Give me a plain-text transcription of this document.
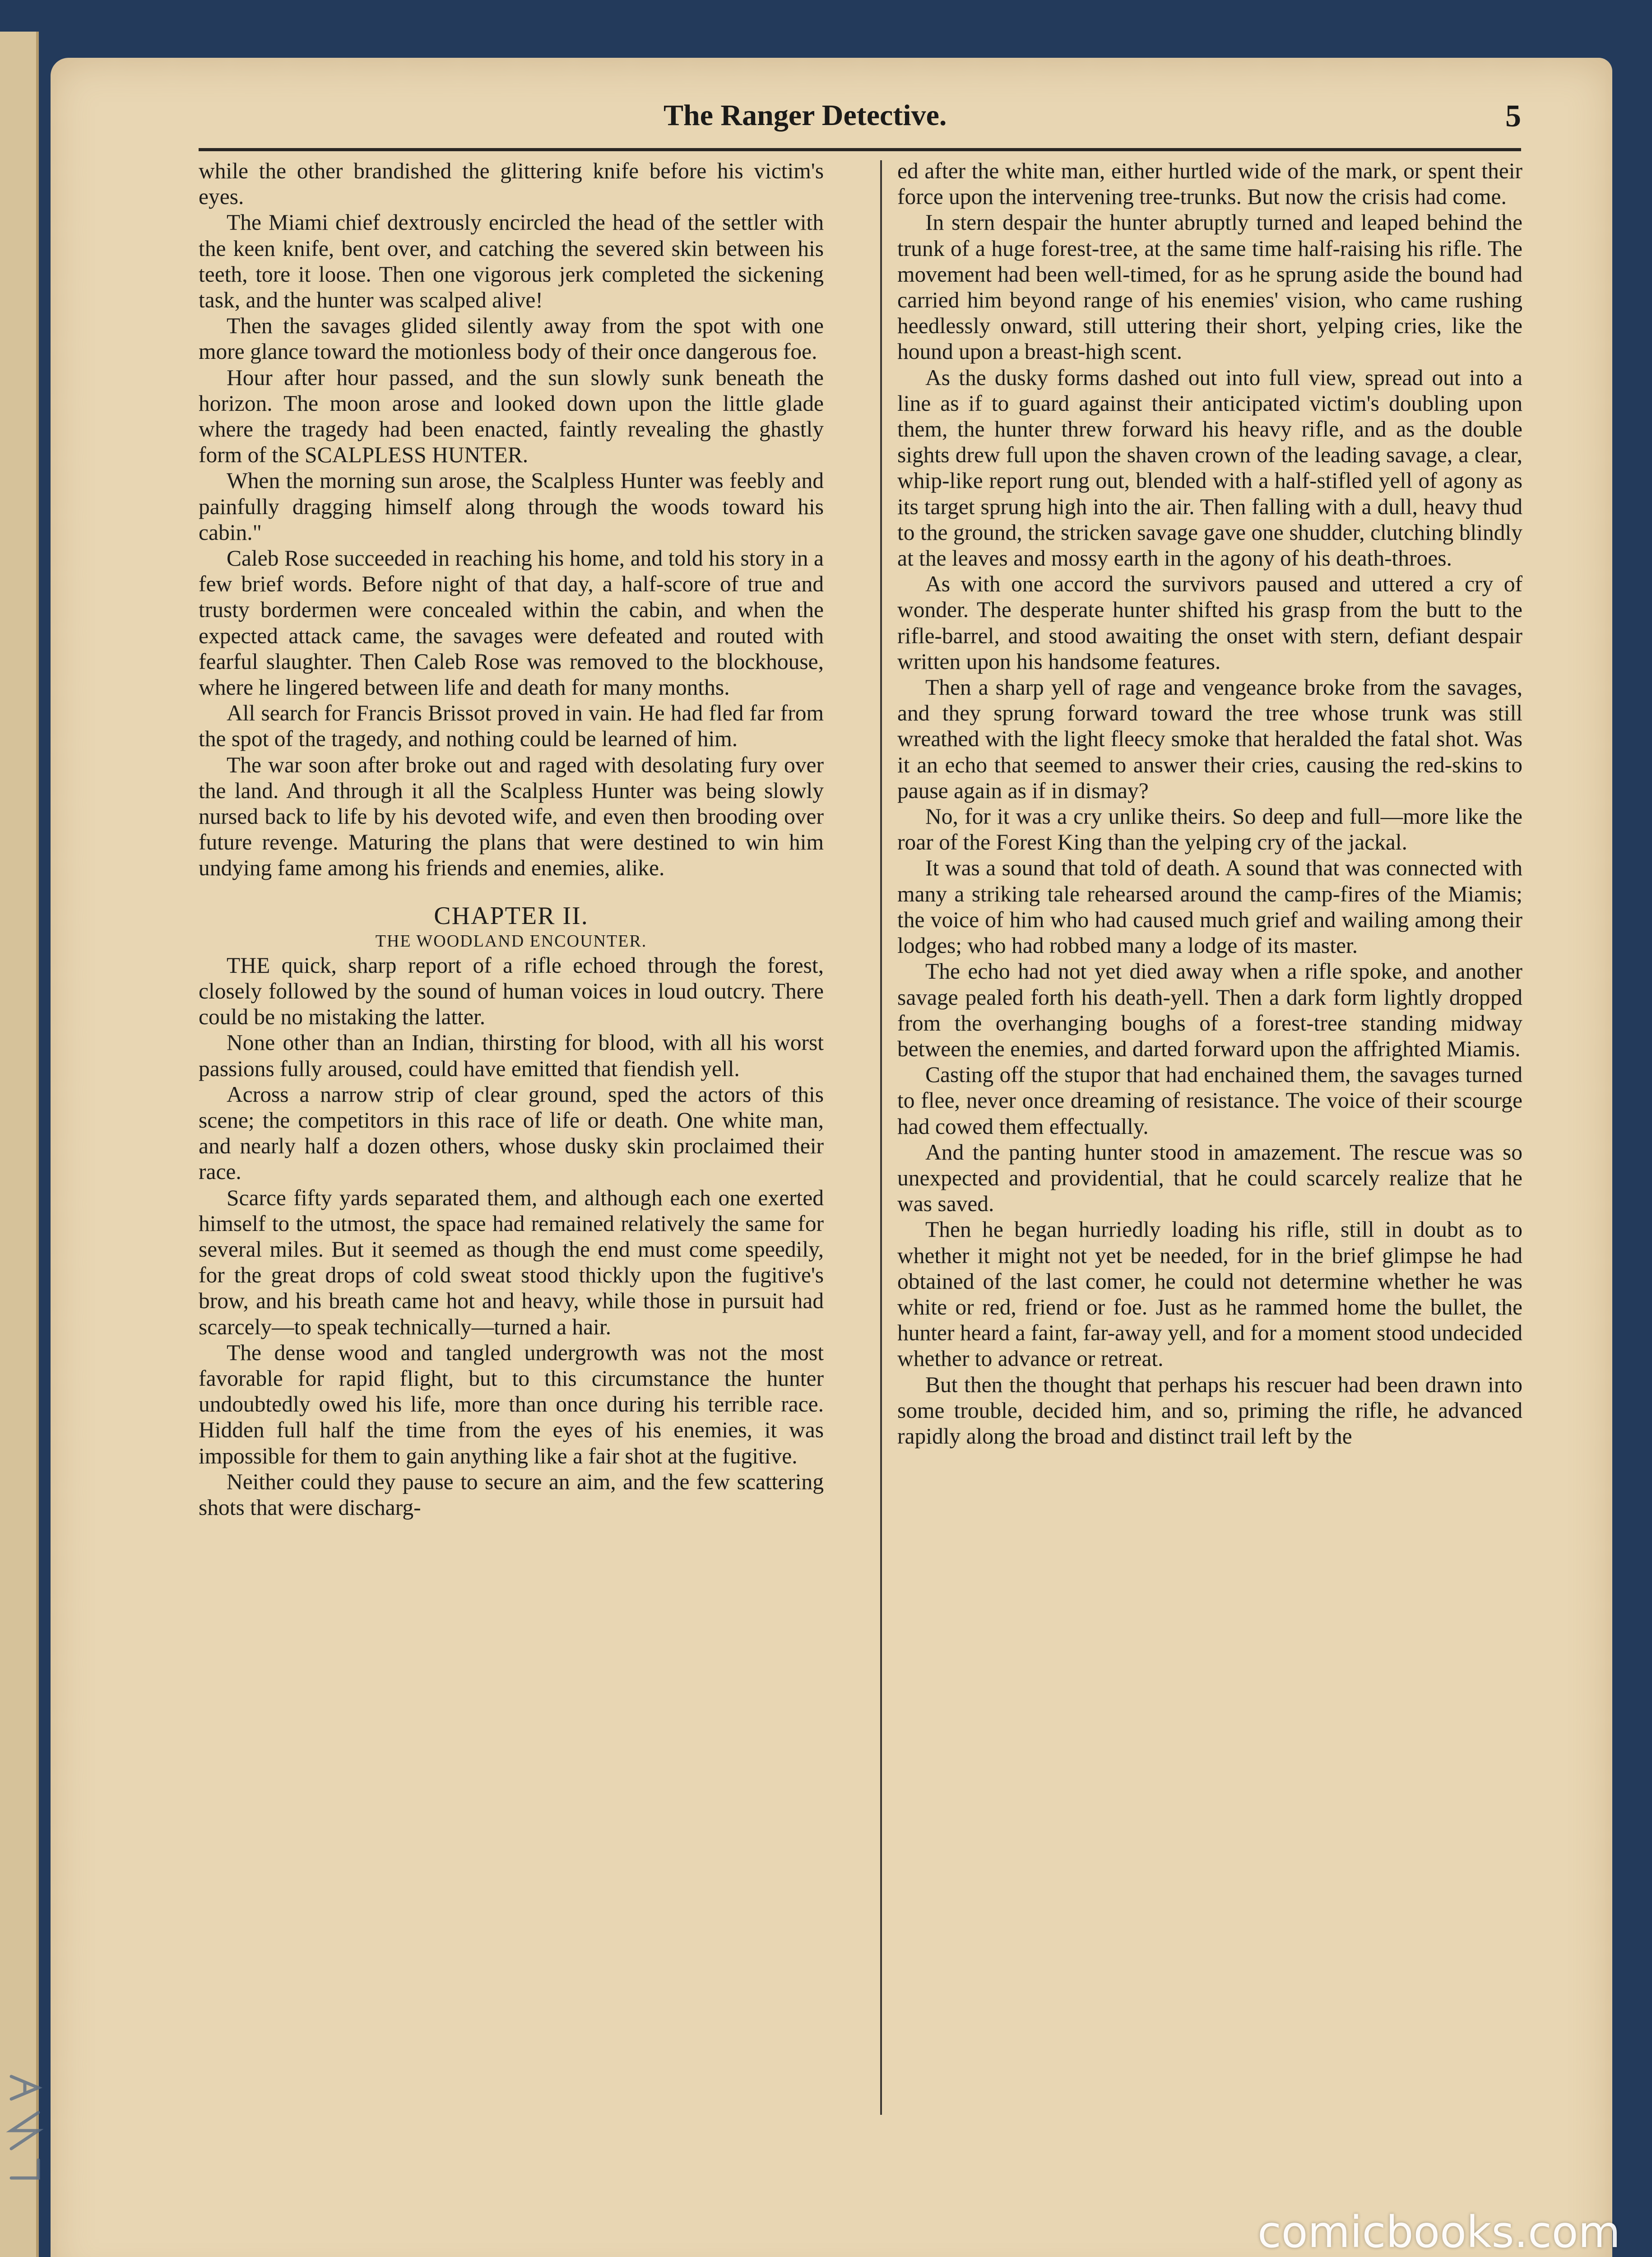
The Ranger Detective.	5

while the other brandished the glittering knife before his victim's eyes.

The Miami chief dextrously encircled the head of the settler with the keen knife, bent over, and catching the severed skin between his teeth, tore it loose. Then one vigorous jerk completed the sickening task, and the hunter was scalped alive!

Then the savages glided silently away from the spot with one more glance toward the motionless body of their once dangerous foe.

Hour after hour passed, and the sun slowly sunk beneath the horizon. The moon arose and looked down upon the little glade where the tragedy had been enacted, faintly revealing the ghastly form of the SCALPLESS HUNTER.

When the morning sun arose, the Scalpless Hunter was feebly and painfully dragging himself along through the woods toward his cabin."

Caleb Rose succeeded in reaching his home, and told his story in a few brief words. Before night of that day, a half-score of true and trusty bordermen were concealed within the cabin, and when the expected attack came, the savages were defeated and routed with fearful slaughter. Then Caleb Rose was removed to the blockhouse, where he lingered between life and death for many months.

All search for Francis Brissot proved in vain. He had fled far from the spot of the tragedy, and nothing could be learned of him.

The war soon after broke out and raged with desolating fury over the land. And through it all the Scalpless Hunter was being slowly nursed back to life by his devoted wife, and even then brooding over future revenge. Maturing the plans that were destined to win him undying fame among his friends and enemies, alike.

CHAPTER II.
THE WOODLAND ENCOUNTER.

THE quick, sharp report of a rifle echoed through the forest, closely followed by the sound of human voices in loud outcry. There could be no mistaking the latter.

None other than an Indian, thirsting for blood, with all his worst passions fully aroused, could have emitted that fiendish yell.

Across a narrow strip of clear ground, sped the actors of this scene; the competitors in this race of life or death. One white man, and nearly half a dozen others, whose dusky skin proclaimed their race.

Scarce fifty yards separated them, and although each one exerted himself to the utmost, the space had remained relatively the same for several miles. But it seemed as though the end must come speedily, for the great drops of cold sweat stood thickly upon the fugitive's brow, and his breath came hot and heavy, while those in pursuit had scarcely—to speak technically—turned a hair.

The dense wood and tangled undergrowth was not the most favorable for rapid flight, but to this circumstance the hunter undoubtedly owed his life, more than once during his terrible race. Hidden full half the time from the eyes of his enemies, it was impossible for them to gain anything like a fair shot at the fugitive.

Neither could they pause to secure an aim, and the few scattering shots that were discharg-

ed after the white man, either hurtled wide of the mark, or spent their force upon the intervening tree-trunks. But now the crisis had come.

In stern despair the hunter abruptly turned and leaped behind the trunk of a huge forest-tree, at the same time half-raising his rifle. The movement had been well-timed, for as he sprung aside the bound had carried him beyond range of his enemies' vision, who came rushing heedlessly onward, still uttering their short, yelping cries, like the hound upon a breast-high scent.

As the dusky forms dashed out into full view, spread out into a line as if to guard against their anticipated victim's doubling upon them, the hunter threw forward his heavy rifle, and as the double sights drew full upon the shaven crown of the leading savage, a clear, whip-like report rung out, blended with a half-stifled yell of agony as its target sprung high into the air. Then falling with a dull, heavy thud to the ground, the stricken savage gave one shudder, clutching blindly at the leaves and mossy earth in the agony of his death-throes.

As with one accord the survivors paused and uttered a cry of wonder. The desperate hunter shifted his grasp from the butt to the rifle-barrel, and stood awaiting the onset with stern, defiant despair written upon his handsome features.

Then a sharp yell of rage and vengeance broke from the savages, and they sprung forward toward the tree whose trunk was still wreathed with the light fleecy smoke that heralded the fatal shot. Was it an echo that seemed to answer their cries, causing the red-skins to pause again as if in dismay?

No, for it was a cry unlike theirs. So deep and full—more like the roar of the Forest King than the yelping cry of the jackal.

It was a sound that told of death. A sound that was connected with many a striking tale rehearsed around the camp-fires of the Miamis; the voice of him who had caused much grief and wailing among their lodges; who had robbed many a lodge of its master.

The echo had not yet died away when a rifle spoke, and another savage pealed forth his death-yell. Then a dark form lightly dropped from the overhanging boughs of a forest-tree standing midway between the enemies, and darted forward upon the affrighted Miamis.

Casting off the stupor that had enchained them, the savages turned to flee, never once dreaming of resistance. The voice of their scourge had cowed them effectually.

And the panting hunter stood in amazement. The rescue was so unexpected and providential, that he could scarcely realize that he was saved.

Then he began hurriedly loading his rifle, still in doubt as to whether it might not yet be needed, for in the brief glimpse he had obtained of the last comer, he could not determine whether he was white or red, friend or foe. Just as he rammed home the bullet, the hunter heard a faint, far-away yell, and for a moment stood undecided whether to advance or retreat.

But then the thought that perhaps his rescuer had been drawn into some trouble, decided him, and so, priming the rifle, he advanced rapidly along the broad and distinct trail left by the

comicbooks.com
